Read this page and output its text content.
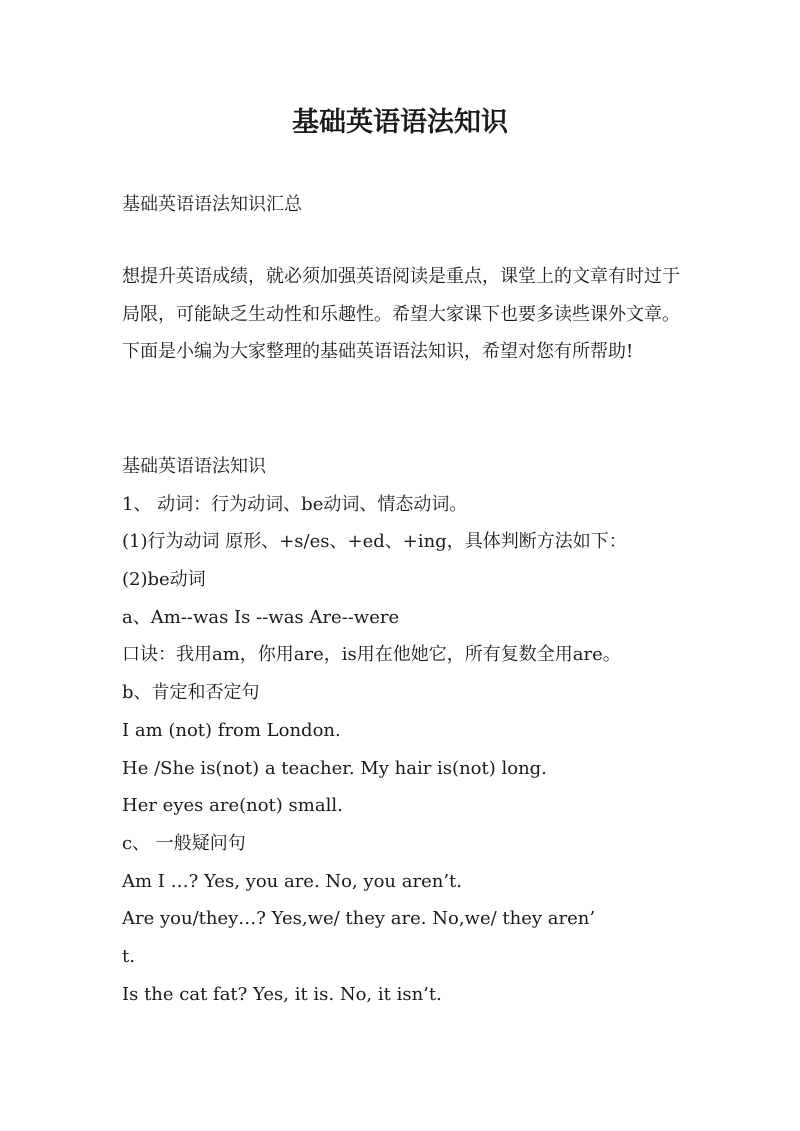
基础英语语法知识
基础英语语法知识汇总

想提升英语成绩，就必须加强英语阅读是重点，课堂上的文章有时过于局限，可能缺乏生动性和乐趣性。希望大家课下也要多读些课外文章。下面是小编为大家整理的基础英语语法知识，希望对您有所帮助!

基础英语语法知识
1、 动词：行为动词、be动词、情态动词。
(1)行为动词 原形、+s/es、+ed、+ing，具体判断方法如下：
(2)be动词
a、Am--was Is --was Are--were
口诀：我用am，你用are，is用在他她它，所有复数全用are。
b、肯定和否定句
I am (not) from London.
He /She is(not) a teacher. My hair is(not) long.
Her eyes are(not) small.
c、 一般疑问句
Am I …? Yes, you are. No, you aren’t.
Are you/they…? Yes,we/ they are. No,we/ they aren’
t.
Is the cat fat? Yes, it is. No, it isn’t.
